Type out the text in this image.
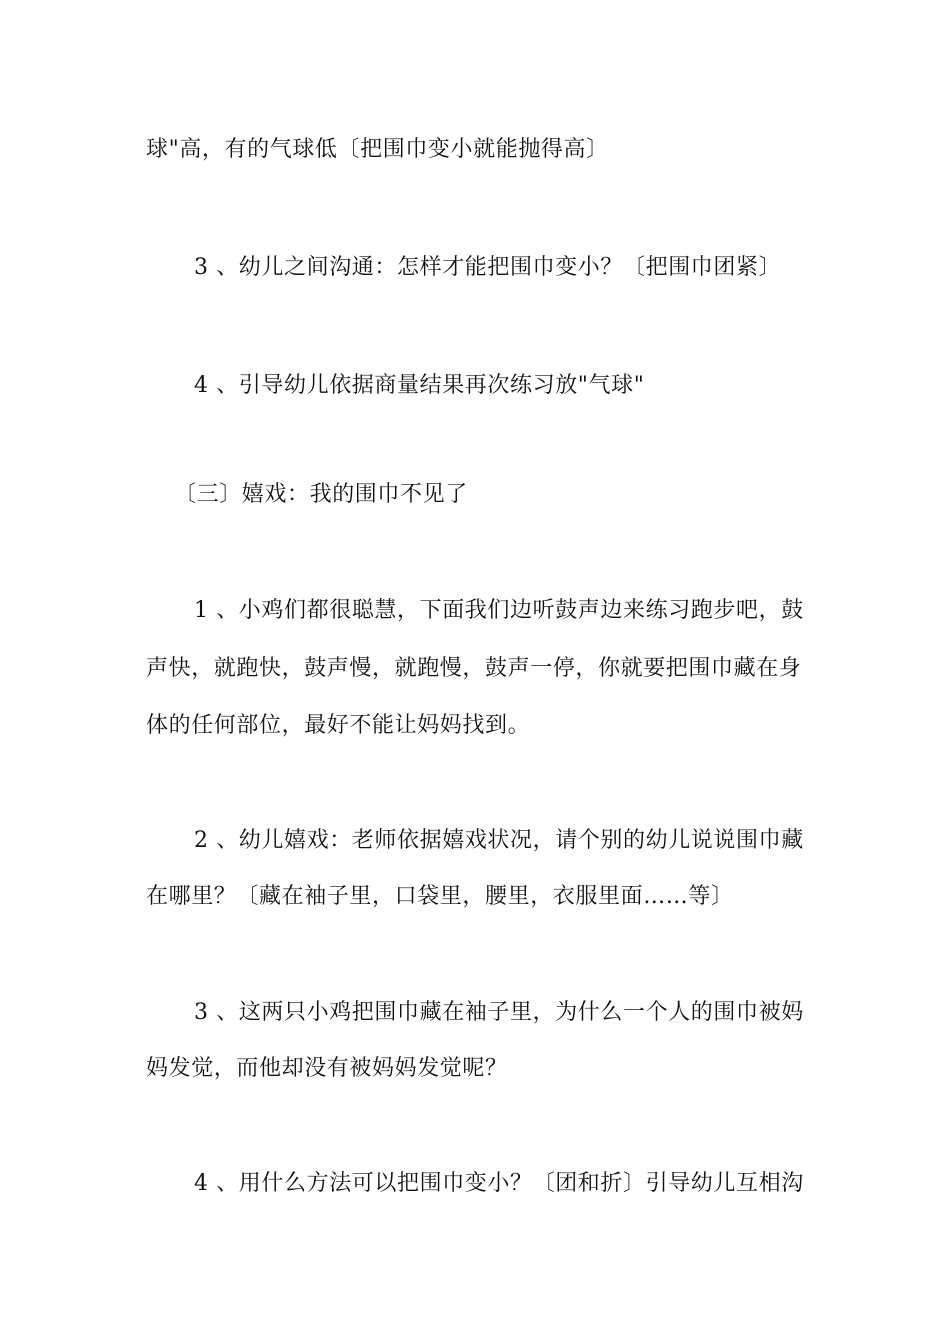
球"高，有的气球低〔把围巾变小就能抛得高〕
3 、幼儿之间沟通：怎样才能把围巾变小？〔把围巾团紧〕
4 、引导幼儿依据商量结果再次练习放"气球"
〔三〕嬉戏：我的围巾不见了
1 、小鸡们都很聪慧，下面我们边听鼓声边来练习跑步吧，鼓
声快，就跑快，鼓声慢，就跑慢，鼓声一停，你就要把围巾藏在身
体的任何部位，最好不能让妈妈找到。
2 、幼儿嬉戏：老师依据嬉戏状况，请个别的幼儿说说围巾藏
在哪里？〔藏在袖子里，口袋里，腰里，衣服里面……等〕
3 、这两只小鸡把围巾藏在袖子里，为什么一个人的围巾被妈
妈发觉，而他却没有被妈妈发觉呢？
4 、用什么方法可以把围巾变小？〔团和折〕引导幼儿互相沟
